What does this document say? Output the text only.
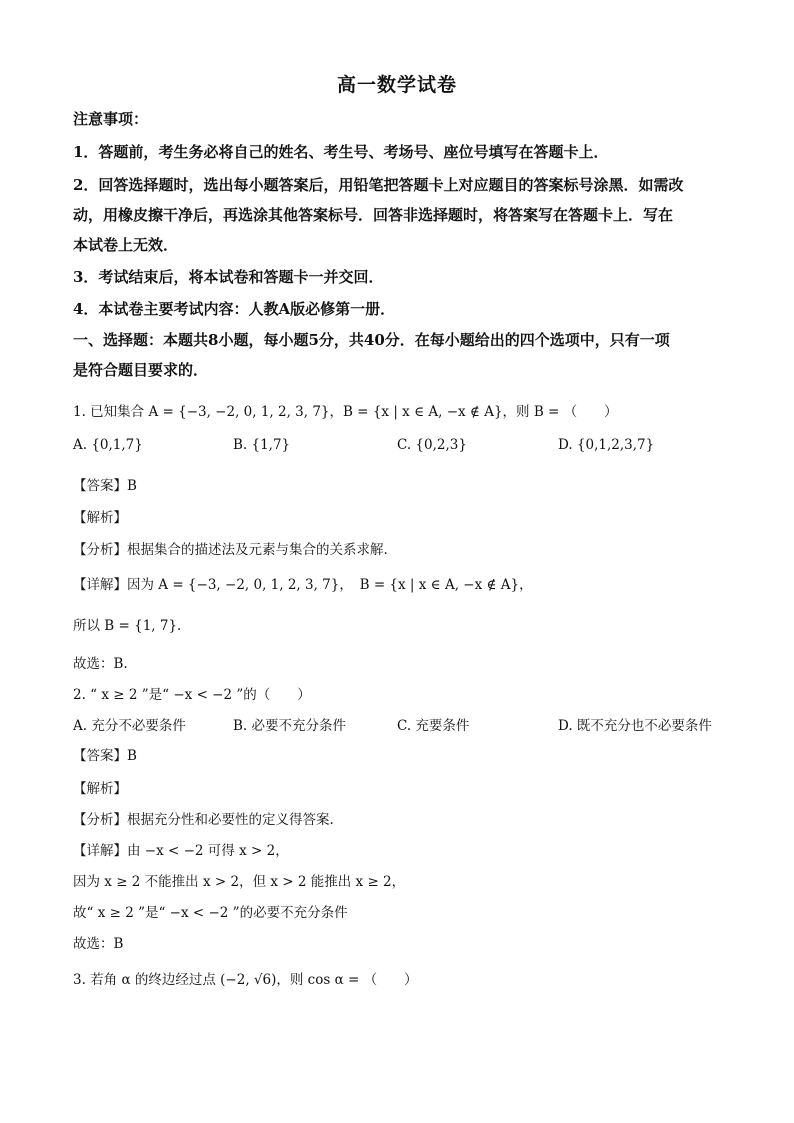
高一数学试卷
注意事项：
1．答题前，考生务必将自己的姓名、考生号、考场号、座位号填写在答题卡上．
2．回答选择题时，选出每小题答案后，用铅笔把答题卡上对应题目的答案标号涂黑．如需改
动，用橡皮擦干净后，再选涂其他答案标号．回答非选择题时，将答案写在答题卡上．写在
本试卷上无效．
3．考试结束后，将本试卷和答题卡一并交回．
4．本试卷主要考试内容：人教A版必修第一册．
一、选择题：本题共8小题，每小题5分，共40分．在每小题给出的四个选项中，只有一项
是符合题目要求的．
1. 已知集合 A = {−3, −2, 0, 1, 2, 3, 7}，B = {x | x ∈ A, −x ∉ A}，则 B = （　　）
A. {0,1,7}	B. {1,7}	C. {0,2,3}	D. {0,1,2,3,7}
【答案】B
【解析】
【分析】根据集合的描述法及元素与集合的关系求解.
【详解】因为 A = {−3, −2, 0, 1, 2, 3, 7}，　B = {x | x ∈ A, −x ∉ A}，
所以 B = {1, 7}．
故选：B.
2. “ x ≥ 2 ”是“ −x < −2 ”的（　　）
A. 充分不必要条件	B. 必要不充分条件	C. 充要条件	D. 既不充分也不必要条件
【答案】B
【解析】
【分析】根据充分性和必要性的定义得答案.
【详解】由 −x < −2 可得 x > 2，
因为 x ≥ 2 不能推出 x > 2，但 x > 2 能推出 x ≥ 2，
故“ x ≥ 2 ”是“ −x < −2 ”的必要不充分条件
故选：B
3. 若角 α 的终边经过点 (−2, √6)，则 cos α = （　　）
